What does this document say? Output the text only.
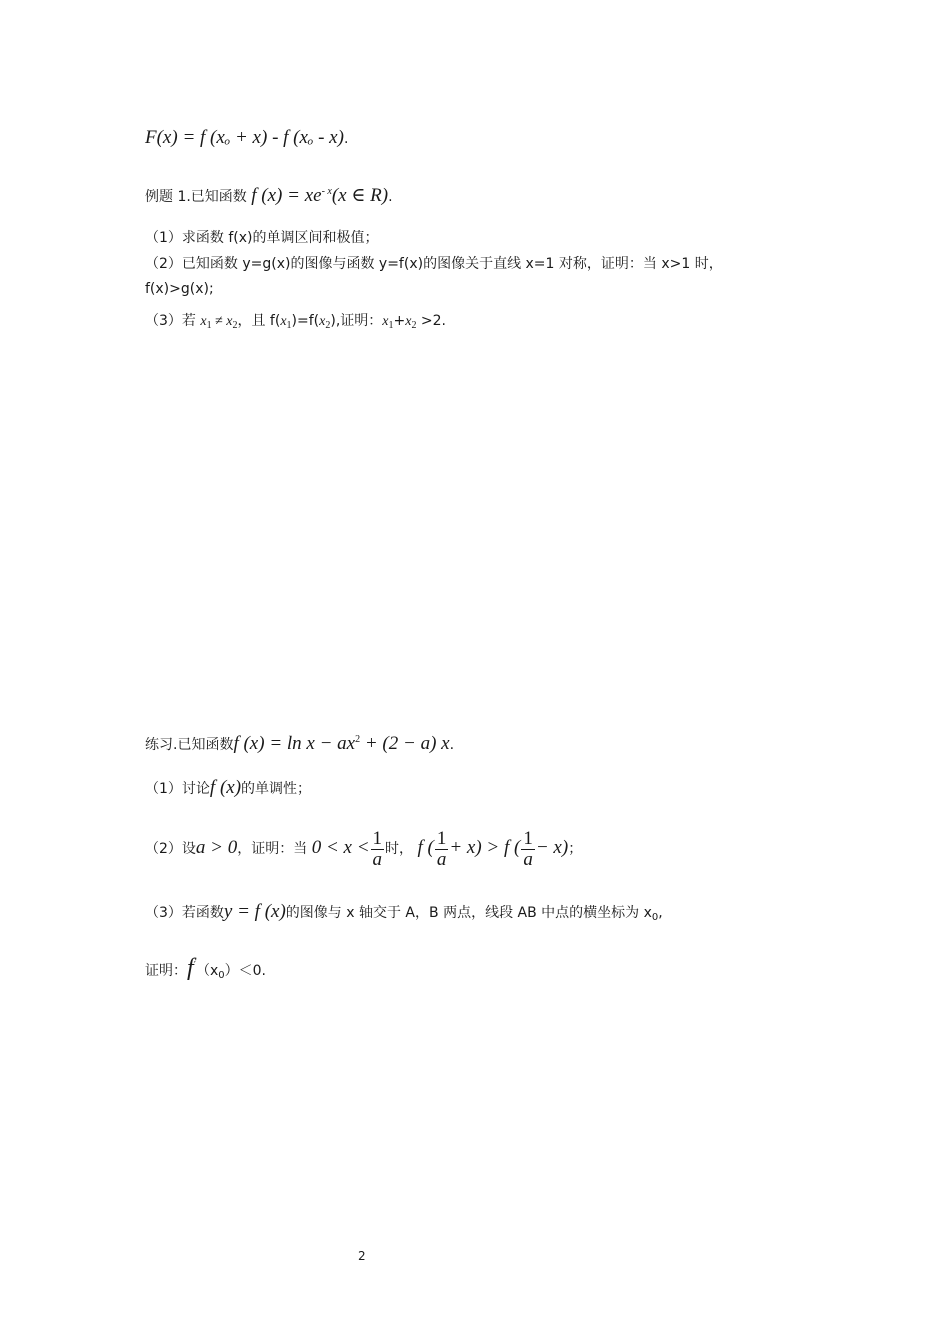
F(x) = f (xₒ + x) - f (xₒ - x).
例题 1.已知函数 f $(x) = xe^{- x}(x$ ∈ R).
（1）求函数 f(x)的单调区间和极值；
（2）已知函数 y=g(x)的图像与函数 y=f(x)的图像关于直线 x=1 对称，证明：当 x>1 时，
f(x)>g(x);
（3）若 $x_1 \ne x_2$，且 $f(x_1)=f(x_2)$,证明：$x_1+x_2 >2$.
练习.已知函数f $(x) = \ln x - ax^2 + (2 - a)$ x.
（1）讨论f (x)的单调性；
（2）设a > 0，证明：当 $0 < x < \frac{1}{a}$ 时， f ( $\frac{1}{a} + x) > f$ ( $\frac{1}{a} - x$)；
（3）若函数y = f (x)的图像与 x 轴交于 A，B 两点，线段 AB 中点的横坐标为 $x_0$,
证明：$f'(x_0)<0$.
2
